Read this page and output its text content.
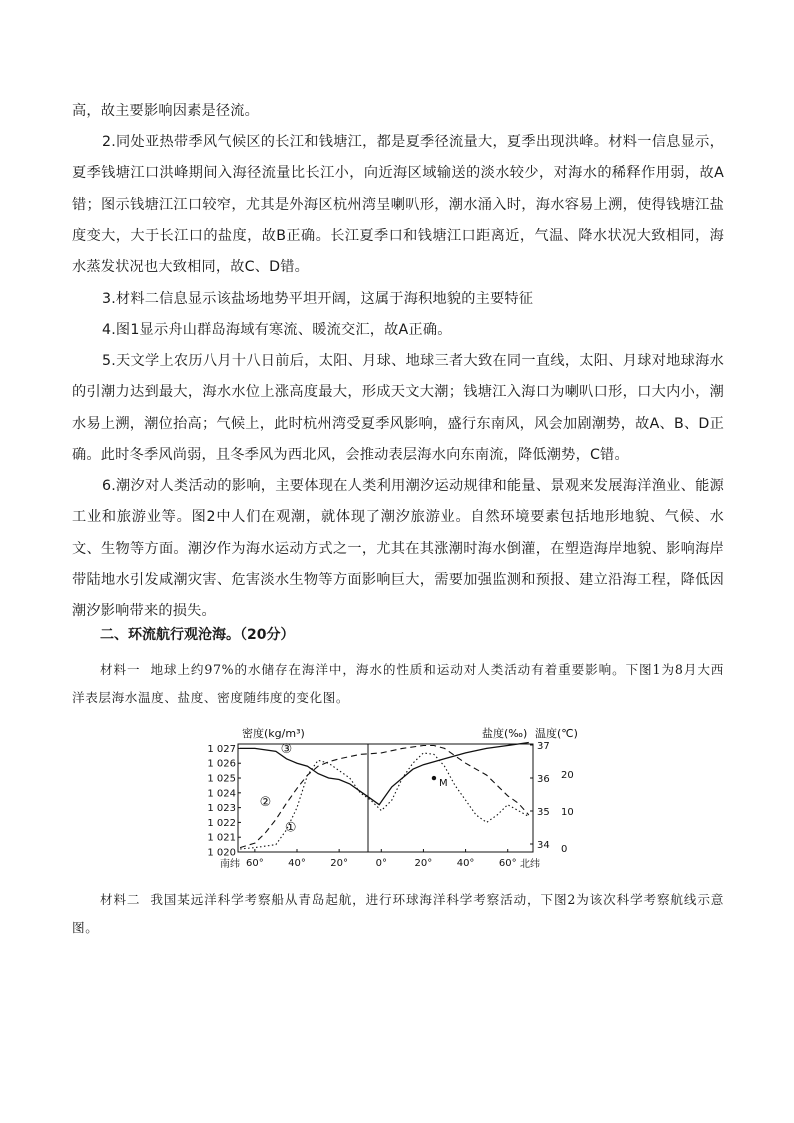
高，故主要影响因素是径流。

2.同处亚热带季风气候区的长江和钱塘江，都是夏季径流量大，夏季出现洪峰。材料一信息显示，夏季钱塘江口洪峰期间入海径流量比长江小，向近海区域输送的淡水较少，对海水的稀释作用弱，故A错；图示钱塘江江口较窄，尤其是外海区杭州湾呈喇叭形，潮水涌入时，海水容易上溯，使得钱塘江盐度变大，大于长江口的盐度，故B正确。长江夏季口和钱塘江口距离近，气温、降水状况大致相同，海水蒸发状况也大致相同，故C、D错。

3.材料二信息显示该盐场地势平坦开阔，这属于海积地貌的主要特征

4.图1显示舟山群岛海域有寒流、暖流交汇，故A正确。

5.天文学上农历八月十八日前后，太阳、月球、地球三者大致在同一直线，太阳、月球对地球海水的引潮力达到最大，海水水位上涨高度最大，形成天文大潮；钱塘江入海口为喇叭口形，口大内小，潮水易上溯，潮位抬高；气候上，此时杭州湾受夏季风影响，盛行东南风，风会加剧潮势，故A、B、D正确。此时冬季风尚弱，且冬季风为西北风，会推动表层海水向东南流，降低潮势，C错。

6.潮汐对人类活动的影响，主要体现在人类利用潮汐运动规律和能量、景观来发展海洋渔业、能源工业和旅游业等。图2中人们在观潮，就体现了潮汐旅游业。自然环境要素包括地形地貌、气候、水文、生物等方面。潮汐作为海水运动方式之一，尤其在其涨潮时海水倒灌，在塑造海岸地貌、影响海岸带陆地水引发咸潮灾害、危害淡水生物等方面影响巨大，需要加强监测和预报、建立沿海工程，降低因潮汐影响带来的损失。

二、环流航行观沧海。（20分）

材料一 地球上约97%的水储存在海洋中，海水的性质和运动对人类活动有着重要影响。下图1为8月大西洋表层海水温度、盐度、密度随纬度的变化图。

密度(kg/m³)	盐度(‰) 温度(℃)
1 027
1 026
1 025
1 024
1 023
1 022
1 021
1 020
37
36
35
34
20
10
0
60° 40° 20°	0°	20° 40° 60°
①
②
③
M
南纬	北纬

材料二 我国某远洋科学考察船从青岛起航，进行环球海洋科学考察活动，下图2为该次科学考察航线示意图。
